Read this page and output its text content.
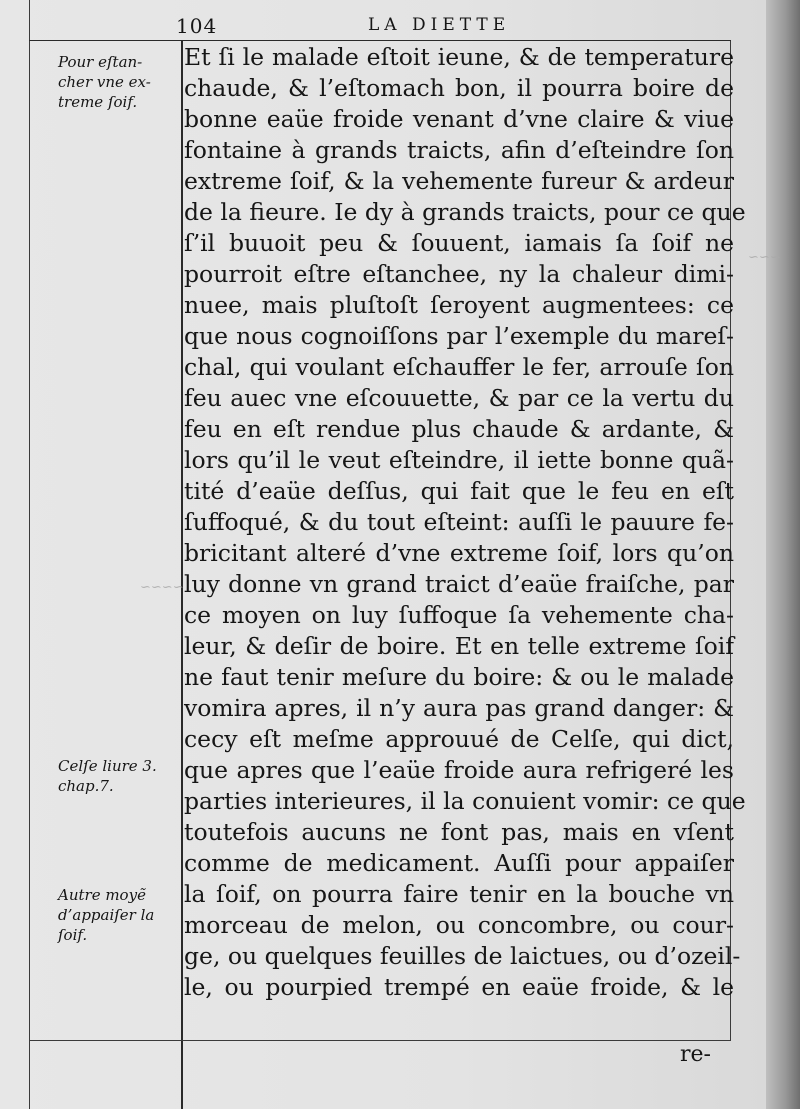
~~~
~~~~
104	LA DIETTE
Et ſi le malade eſtoit ieune, & de temperature
chaude, & l’eſtomach bon, il pourra boire de
bonne eaüe froide venant d’vne claire & viue
fontaine à grands traicts, afin d’eſteindre ſon
extreme ſoif, & la vehemente fureur & ardeur
de la fieure. Ie dy à grands traicts, pour ce que
ſ’il buuoit peu & ſouuent, iamais ſa ſoif ne
pourroit eſtre eſtanchee, ny la chaleur dimi-
nuee, mais pluſtoſt ſeroyent augmentees: ce
que nous cognoiſſons par l’exemple du mareſ-
chal, qui voulant eſchauffer le fer, arrouſe ſon
feu auec vne eſcouuette, & par ce la vertu du
feu en eſt rendue plus chaude & ardante, &
lors qu’il le veut eſteindre, il iette bonne quã-
tité d’eaüe deſſus, qui fait que le feu en eſt
ſuffoqué, & du tout eſteint: auſſi le pauure fe-
bricitant alteré d’vne extreme ſoif, lors qu’on
luy donne vn grand traict d’eaüe fraiſche, par
ce moyen on luy ſuffoque ſa vehemente cha-
leur, & deſir de boire. Et en telle extreme ſoif
ne faut tenir meſure du boire: & ou le malade
vomira apres, il n’y aura pas grand danger: &
cecy eſt meſme approuué de Celſe, qui dict,
que apres que l’eaüe froide aura refrigeré les
parties interieures, il la conuient vomir: ce que
toutefois aucuns ne font pas, mais en vſent
comme de medicament. Auſſi pour appaiſer
la ſoif, on pourra faire tenir en la bouche vn
morceau de melon, ou concombre, ou cour-
ge, ou quelques feuilles de laictues, ou d’ozeil-
le, ou pourpied trempé en eaüe froide, & le
Pour eſtan-
cher vne ex-
treme ſoif.
Celſe liure 3.
chap.7.
Autre moyẽ
d’appaiſer la
ſoif.
re-
